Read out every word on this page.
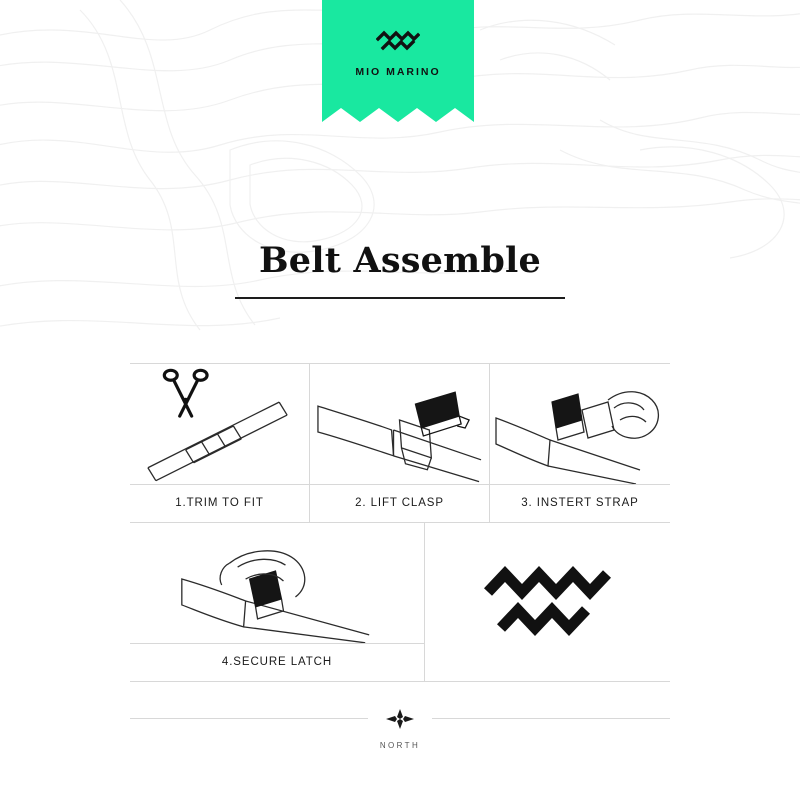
MIO MARINO
Belt Assemble
1.TRIM TO FIT	2. LIFT CLASP	3. INSTERT STRAP
4.SECURE LATCH
NORTH
